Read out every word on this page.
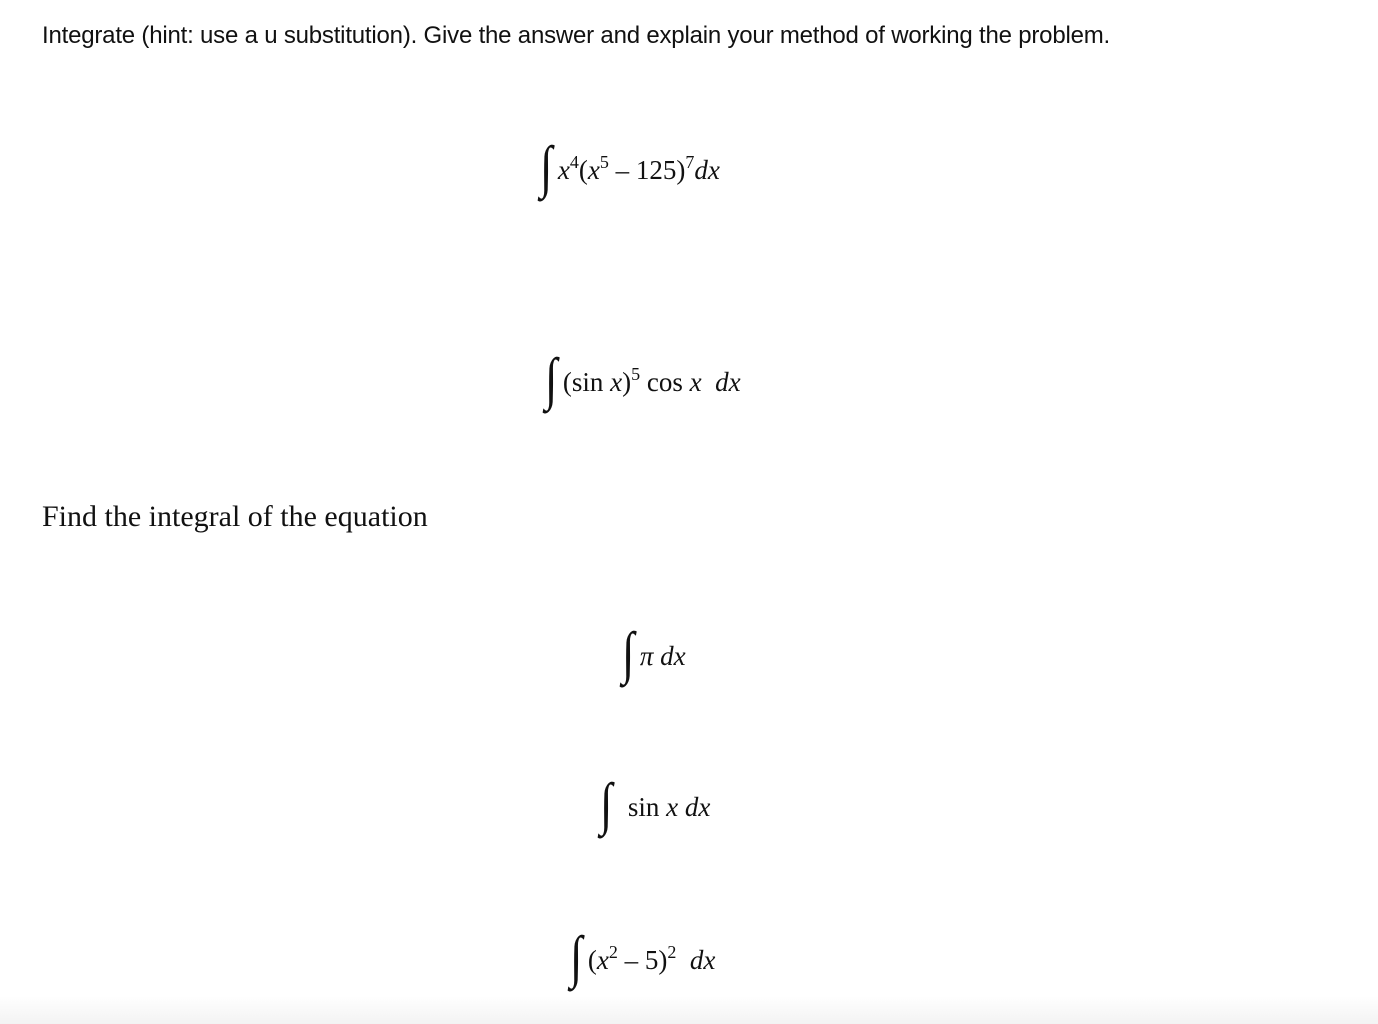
Integrate (hint: use a u substitution). Give the answer and explain your method of working the problem.
∫ $x^4(x^5 - 125)^7dx$
∫ (sin x)$^5$ cos x  dx
Find the integral of the equation
∫ π dx
∫ sin x dx
∫ $(x^2 - 5)^2$  dx
